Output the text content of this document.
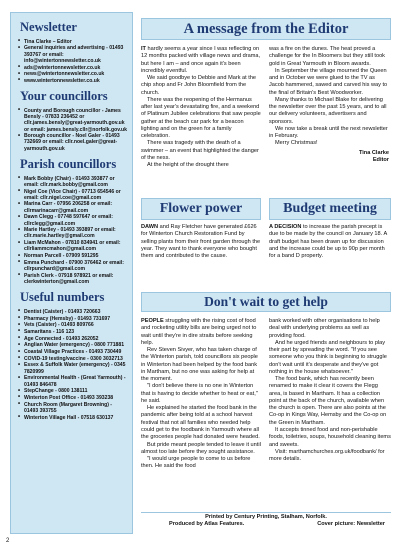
Newsletter
• Tina Clarke – Editor
• General inquiries and advertising - 01493 393767 or email: info@wintertonnewsletter.co.uk
• ads@wintertonnewsletter.co.uk
• news@wintertonnewsletter.co.uk
• www.wintertonnewsletter.co.uk
Your councillors
• County and Borough councillor - James Bensly - 07833 236452 or cllr.james.bensly@great-yarmouth.gov.uk or email: james.bensly.cllr@norfolk.gov.uk
• Borough councillor - Noel Galer - 01493 732669 or email: cllr.noel.galer@great-yarmouth.gov.uk
Parish councillors
• Mark Bobby (Chair) - 01493 393877 or email: cllr.mark.bobby@gmail.com
• Nigel Coe (Vice Chair) - 07713 654546 or email: cllr.nigel.coe@gmail.com
• Marina Carr - 07956 206258 or email: cllrmarinacarr@gmail.com
• Dawn Clegg - 07748 597647 or email: cllrclegg@gmail.com
• Marie Hartley - 01493 393897 or email: cllr.marie.hartley@gmail.com
• Liam McMahon - 07810 834941 or email: cllrliammcmahon@gmail.com
• Norman Parcell - 07909 591295
• Emma Punchard - 07900 376462 or email: cllrpunchard@gmail.com
• Parish Clerk - 07918 978921 or email: clerkwinterton@gmail.com
Useful numbers
• Dentist (Caister) - 01493 720663
• Pharmacy (Hemsby) - 01493 731697
• Vets (Caister) - 01493 809766
• Samaritans - 116 123
• Age Connected - 01493 262052
• Anglian Water (emergency) - 0800 771881
• Coastal Village Practices - 01493 730449
• COVID-19 testing/vaccine - 0300 3032713
• Essex & Suffolk Water (emergency) - 0345 7820999
• Environmental Health - (Great Yarmouth) - 01493 846478
• StepChange - 0800 138111
• Winterton Post Office - 01493 393238
• Church Room (Margaret Browning) - 01493 393755
• Winterton Village Hall - 07518 630137
A message from the Editor
IT hardly seems a year since I was reflecting on 12 months packed with village news and drama, but here I am – and once again it's been incredibly eventful.
We said goodbye to Debbie and Mark at the chip shop and Fr John Bloomfield from the church.
There was the reopening of the Hermanus after last year's devastating fire, and a weekend of Platinum Jubilee celebrations that saw people gather at the beach car park for a beacon lighting and on the green for a family celebration.
There was tragedy with the death of a swimmer – an event that highlighted the danger of the ness.
At the height of the drought there
was a fire on the dunes. The heat proved a challenge for the In Bloomers but they still took gold in Great Yarmouth in Bloom awards.
In September the village mourned the Queen and in October we were glued to the TV as Jacob hammered, sawed and carved his way to the final of Britain's Best Woodworker.
Many thanks to Michael Blake for delivering the newsletter over the past 15 years, and to all our delivery volunteers, advertisers and sponsors.
We now take a break until the next newsletter in February.
Merry Christmas!
Tina Clarke
Editor
Flower power
DAWN and Ray Fletcher have generated £626 for Winterton Church Restoration Fund by selling plants from their front garden through the year. They want to thank everyone who bought them and contributed to the cause.
Budget meeting
A DECISION to increase the parish precept is due to be made by the council on January 18. A draft budget has been drawn up for discussion and the increase could be up to 90p per month for a band D property.
Don't wait to get help
PEOPLE struggling with the rising cost of food and rocketing utility bills are being urged not to wait until they're in dire straits before seeking help.
Rev Steven Sivyer, who has taken charge of the Winterton parish, told councillors six people in Winterton had been helped by the food bank in Martham, but no one was asking for help at the moment.
"I don't believe there is no one in Winterton that is having to decide whether to heat or eat," he said.
He explained he started the food bank in the pandemic after being told at a school harvest festival that not all families who needed help could get to the foodbank in Yarmouth where all the groceries people had donated were headed.
But pride meant people tended to leave it until almost too late before they sought assistance.
"I would urge people to come to us before then. He said the food
bank worked with other organisations to help deal with underlying problems as well as providing food.
And he urged friends and neighbours to play their part by spreading the word. "If you see someone who you think is beginning to struggle don't wait until it's desperate and they've got nothing in the house whatsoever."
The food bank, which has recently been renamed to make it clear it covers the Flegg area, is based in Martham. It has a collection point at the back of the church, available when the church is open. There are also points at the Co-op in Kings Way, Hemsby and the Co-op on the Green in Martham.
It accepts tinned food and non-perishable foods, toiletries, soups, household cleaning items and sweets.
Visit: marthamchurches.org.uk/foodbank/ for more details.
Printed by Century Printing, Stalham, Norfolk.
Produced by Atlas Features.	Cover picture: Newsletter
2
